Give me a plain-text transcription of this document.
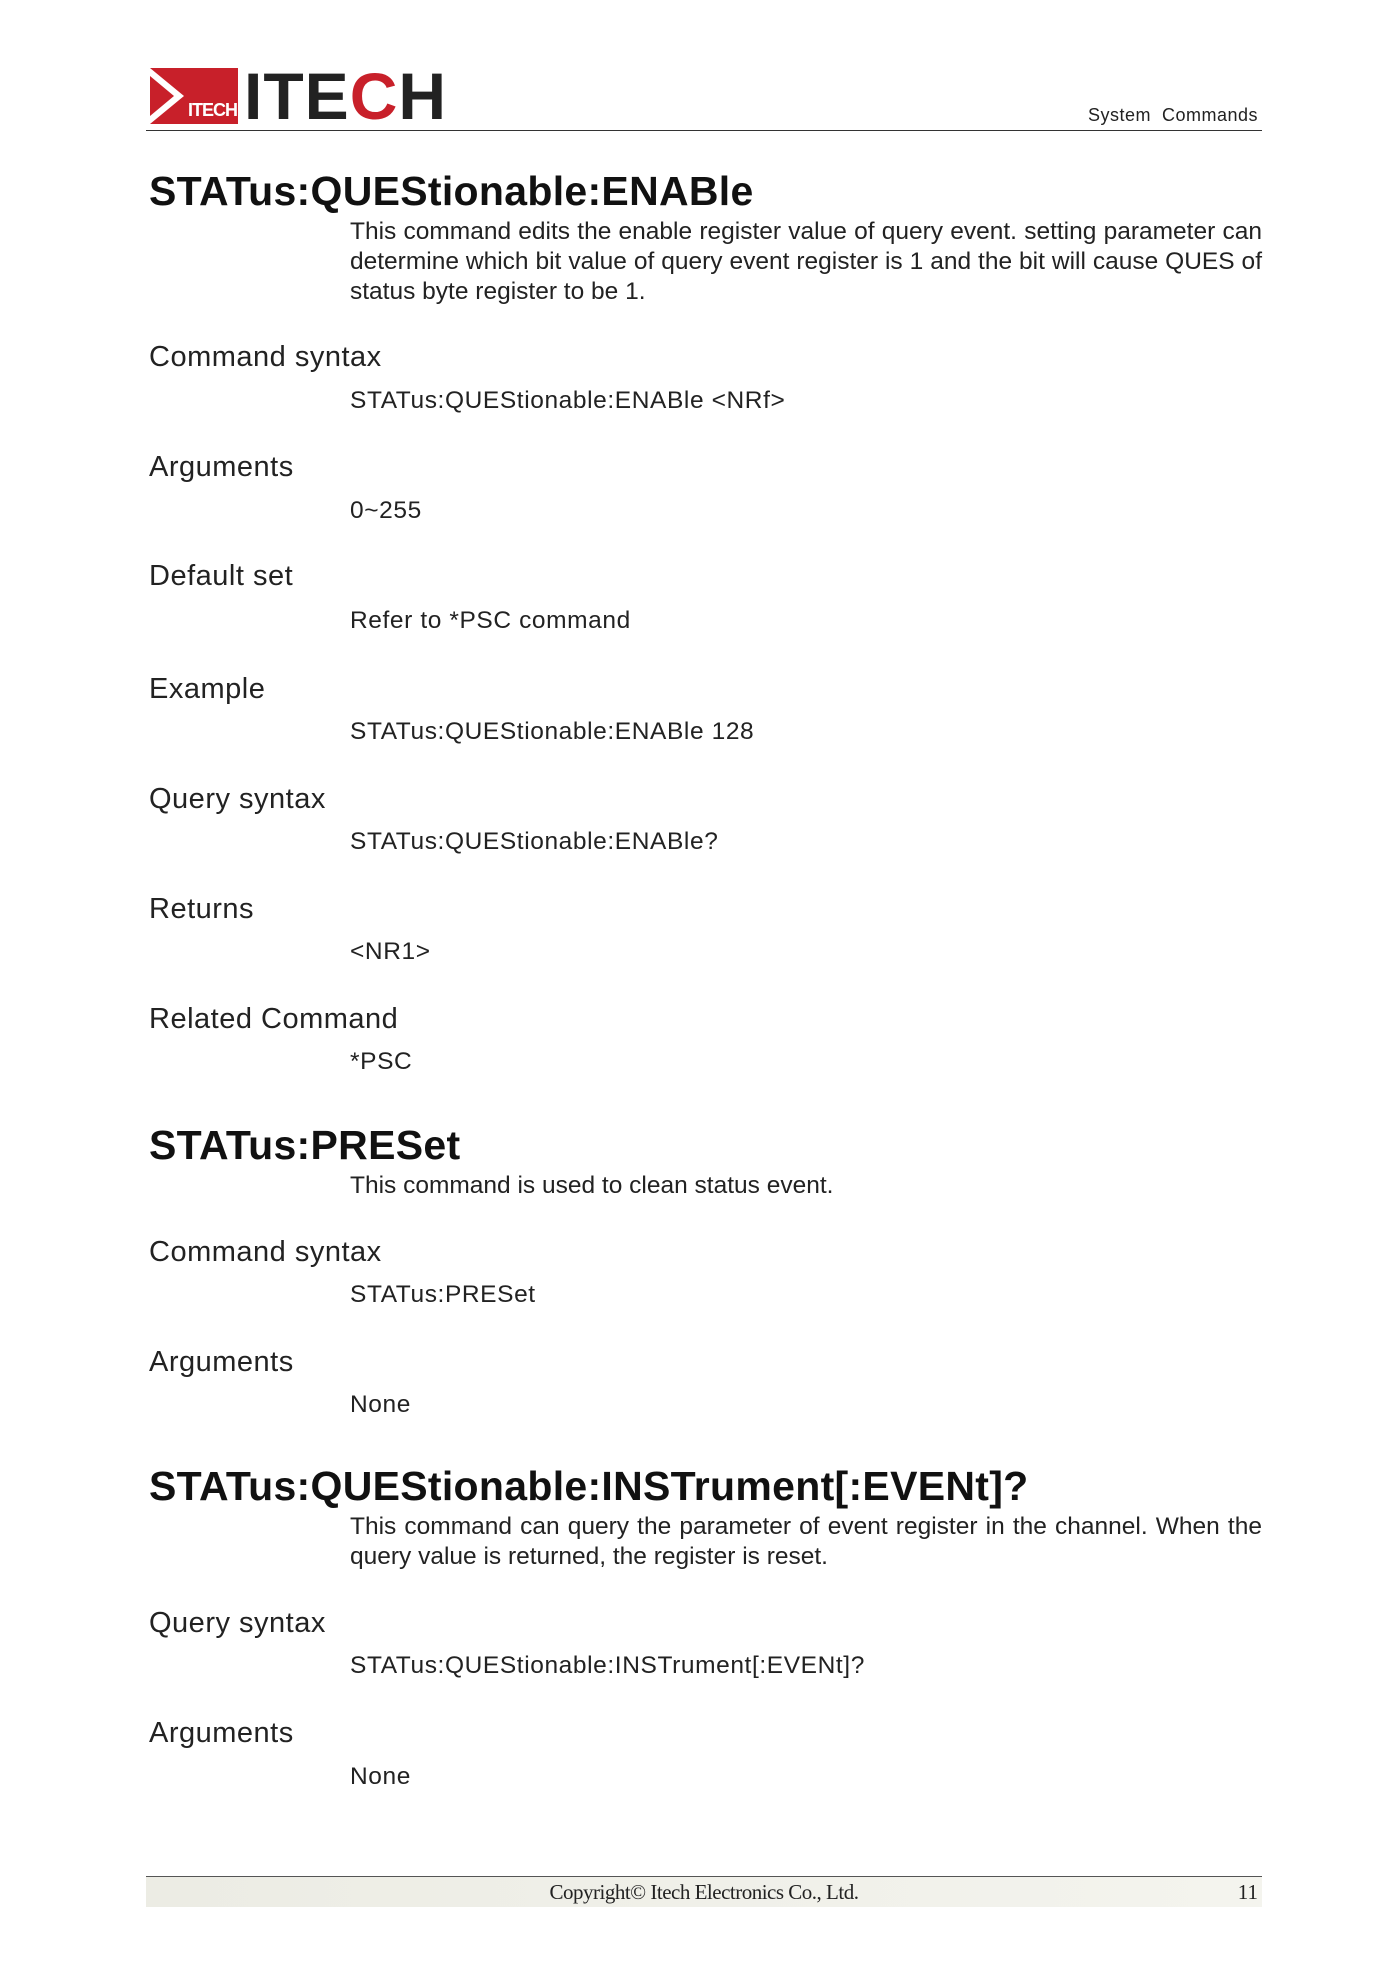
ITECH ITECH	System  Commands
STATus:QUEStionable:ENABle
This command edits the enable register value of query event. setting parameter can determine which bit value of query event register is 1 and the bit will cause QUES of status byte register to be 1.
Command syntax
STATus:QUEStionable:ENABle <NRf>
Arguments
0~255
Default set
Refer to *PSC command
Example
STATus:QUEStionable:ENABle 128
Query syntax
STATus:QUEStionable:ENABle?
Returns
<NR1>
Related Command
*PSC
STATus:PRESet
This command is used to clean status event.
Command syntax
STATus:PRESet
Arguments
None
STATus:QUEStionable:INSTrument[:EVENt]?
This command can query the parameter of event register in the channel. When the query value is returned, the register is reset.
Query syntax
STATus:QUEStionable:INSTrument[:EVENt]?
Arguments
None
Copyright© Itech Electronics Co., Ltd.	11
